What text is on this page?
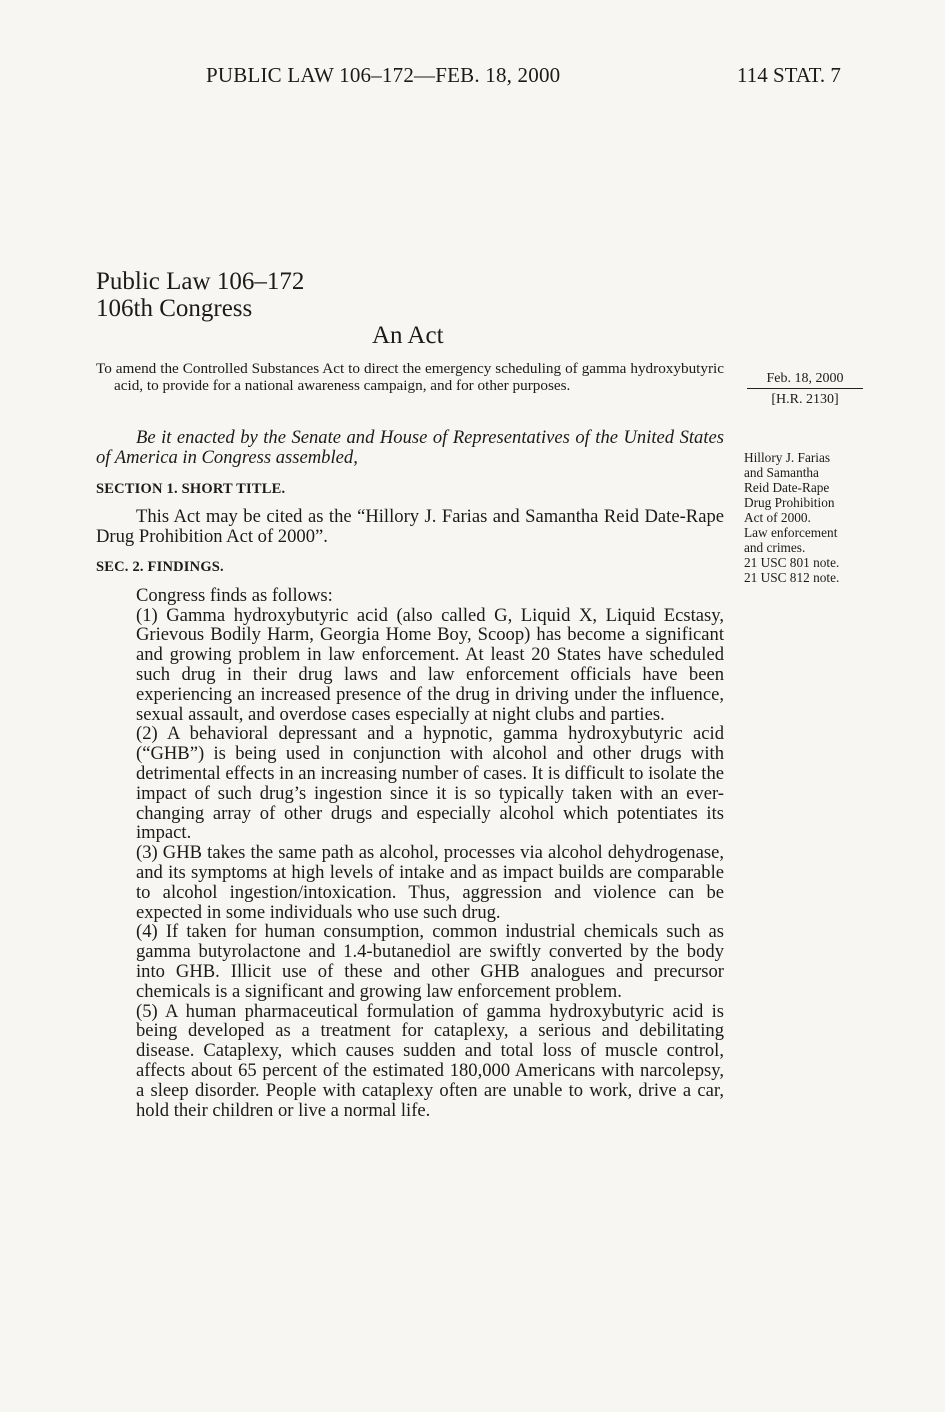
PUBLIC LAW 106–172—FEB. 18, 2000	114 STAT. 7
Public Law 106–172
106th Congress
An Act
To amend the Controlled Substances Act to direct the emergency scheduling of gamma hydroxybutyric acid, to provide for a national awareness campaign, and for other purposes.	Feb. 18, 2000
[H.R. 2130]
Hillory J. Farias
and Samantha
Reid Date-Rape
Drug Prohibition
Act of 2000.
Law enforcement
and crimes.
21 USC 801 note.
21 USC 812 note.

Be it enacted by the Senate and House of Representatives of the United States of America in Congress assembled,

SECTION 1. SHORT TITLE.

This Act may be cited as the “Hillory J. Farias and Samantha Reid Date-Rape Drug Prohibition Act of 2000”.

SEC. 2. FINDINGS.

Congress finds as follows:

(1) Gamma hydroxybutyric acid (also called G, Liquid X, Liquid Ecstasy, Grievous Bodily Harm, Georgia Home Boy, Scoop) has become a significant and growing problem in law enforcement. At least 20 States have scheduled such drug in their drug laws and law enforcement officials have been experiencing an increased presence of the drug in driving under the influence, sexual assault, and overdose cases especially at night clubs and parties.

(2) A behavioral depressant and a hypnotic, gamma hydroxybutyric acid (“GHB”) is being used in conjunction with alcohol and other drugs with detrimental effects in an increasing number of cases. It is difficult to isolate the impact of such drug’s ingestion since it is so typically taken with an ever-changing array of other drugs and especially alcohol which potentiates its impact.

(3) GHB takes the same path as alcohol, processes via alcohol dehydrogenase, and its symptoms at high levels of intake and as impact builds are comparable to alcohol ingestion/intoxication. Thus, aggression and violence can be expected in some individuals who use such drug.

(4) If taken for human consumption, common industrial chemicals such as gamma butyrolactone and 1.4-butanediol are swiftly converted by the body into GHB. Illicit use of these and other GHB analogues and precursor chemicals is a significant and growing law enforcement problem.

(5) A human pharmaceutical formulation of gamma hydroxybutyric acid is being developed as a treatment for cataplexy, a serious and debilitating disease. Cataplexy, which causes sudden and total loss of muscle control, affects about 65 percent of the estimated 180,000 Americans with narcolepsy, a sleep disorder. People with cataplexy often are unable to work, drive a car, hold their children or live a normal life.
